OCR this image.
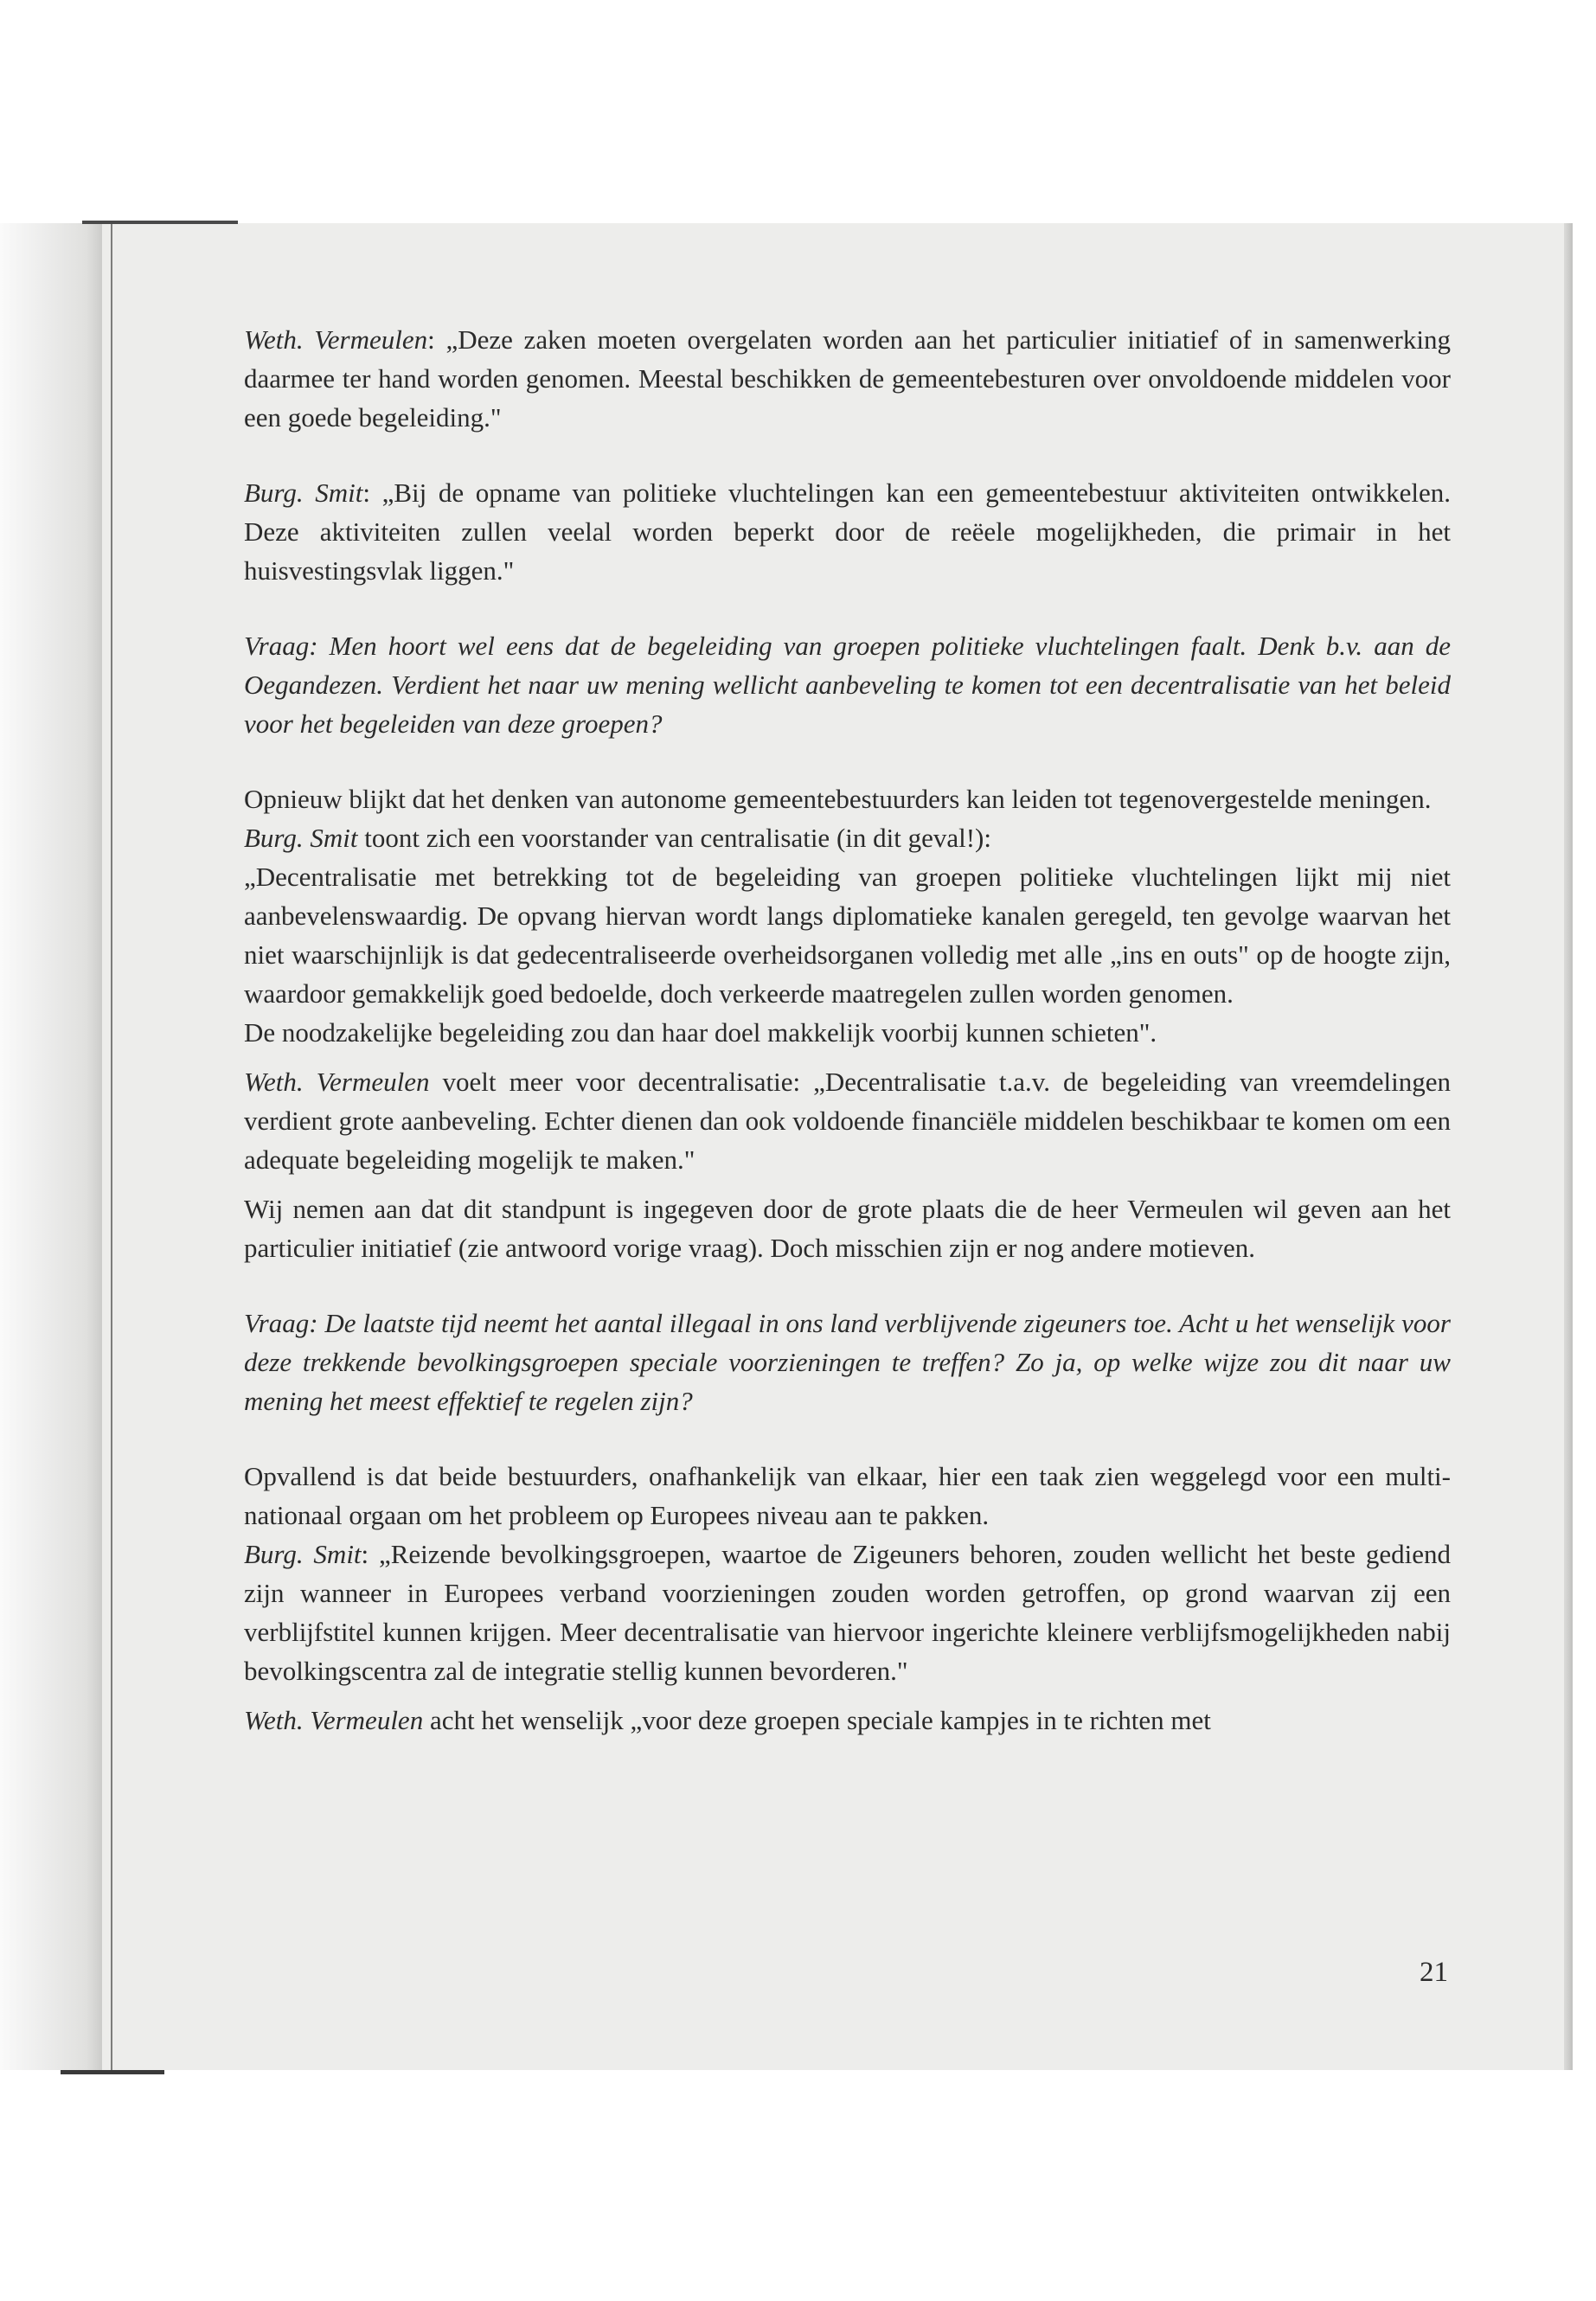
Weth. Vermeulen: „Deze zaken moeten overgelaten worden aan het particulier initiatief of in samenwerking daarmee ter hand worden genomen. Meestal beschikken de gemeentebesturen over onvoldoende middelen voor een goede begeleiding."

Burg. Smit: „Bij de opname van politieke vluchtelingen kan een gemeentebestuur aktiviteiten ontwikkelen. Deze aktiviteiten zullen veelal worden beperkt door de reëele mogelijkheden, die primair in het huisvestingsvlak liggen."

Vraag: Men hoort wel eens dat de begeleiding van groepen politieke vluchtelingen faalt. Denk b.v. aan de Oegandezen. Verdient het naar uw mening wellicht aanbeveling te komen tot een decentralisatie van het beleid voor het begeleiden van deze groepen?

Opnieuw blijkt dat het denken van autonome gemeentebestuurders kan leiden tot tegenovergestelde meningen.

Burg. Smit toont zich een voorstander van centralisatie (in dit geval!):

„Decentralisatie met betrekking tot de begeleiding van groepen politieke vluchtelingen lijkt mij niet aanbevelenswaardig. De opvang hiervan wordt langs diplomatieke kanalen geregeld, ten gevolge waarvan het niet waarschijnlijk is dat gedecentraliseerde overheidsorganen volledig met alle „ins en outs" op de hoogte zijn, waardoor gemakkelijk goed bedoelde, doch verkeerde maatregelen zullen worden genomen.

De noodzakelijke begeleiding zou dan haar doel makkelijk voorbij kunnen schieten".

Weth. Vermeulen voelt meer voor decentralisatie: „Decentralisatie t.a.v. de begeleiding van vreemdelingen verdient grote aanbeveling. Echter dienen dan ook voldoende financiële middelen beschikbaar te komen om een adequate begeleiding mogelijk te maken."

Wij nemen aan dat dit standpunt is ingegeven door de grote plaats die de heer Vermeulen wil geven aan het particulier initiatief (zie antwoord vorige vraag). Doch misschien zijn er nog andere motieven.

Vraag: De laatste tijd neemt het aantal illegaal in ons land verblijvende zigeuners toe. Acht u het wenselijk voor deze trekkende bevolkingsgroepen speciale voorzieningen te treffen? Zo ja, op welke wijze zou dit naar uw mening het meest effektief te regelen zijn?

Opvallend is dat beide bestuurders, onafhankelijk van elkaar, hier een taak zien weggelegd voor een multi-nationaal orgaan om het probleem op Europees niveau aan te pakken.

Burg. Smit: „Reizende bevolkingsgroepen, waartoe de Zigeuners behoren, zouden wellicht het beste gediend zijn wanneer in Europees verband voorzieningen zouden worden getroffen, op grond waarvan zij een verblijfstitel kunnen krijgen. Meer decentralisatie van hiervoor ingerichte kleinere verblijfsmogelijkheden nabij bevolkingscentra zal de integratie stellig kunnen bevorderen."

Weth. Vermeulen acht het wenselijk „voor deze groepen speciale kampjes in te richten met

21
